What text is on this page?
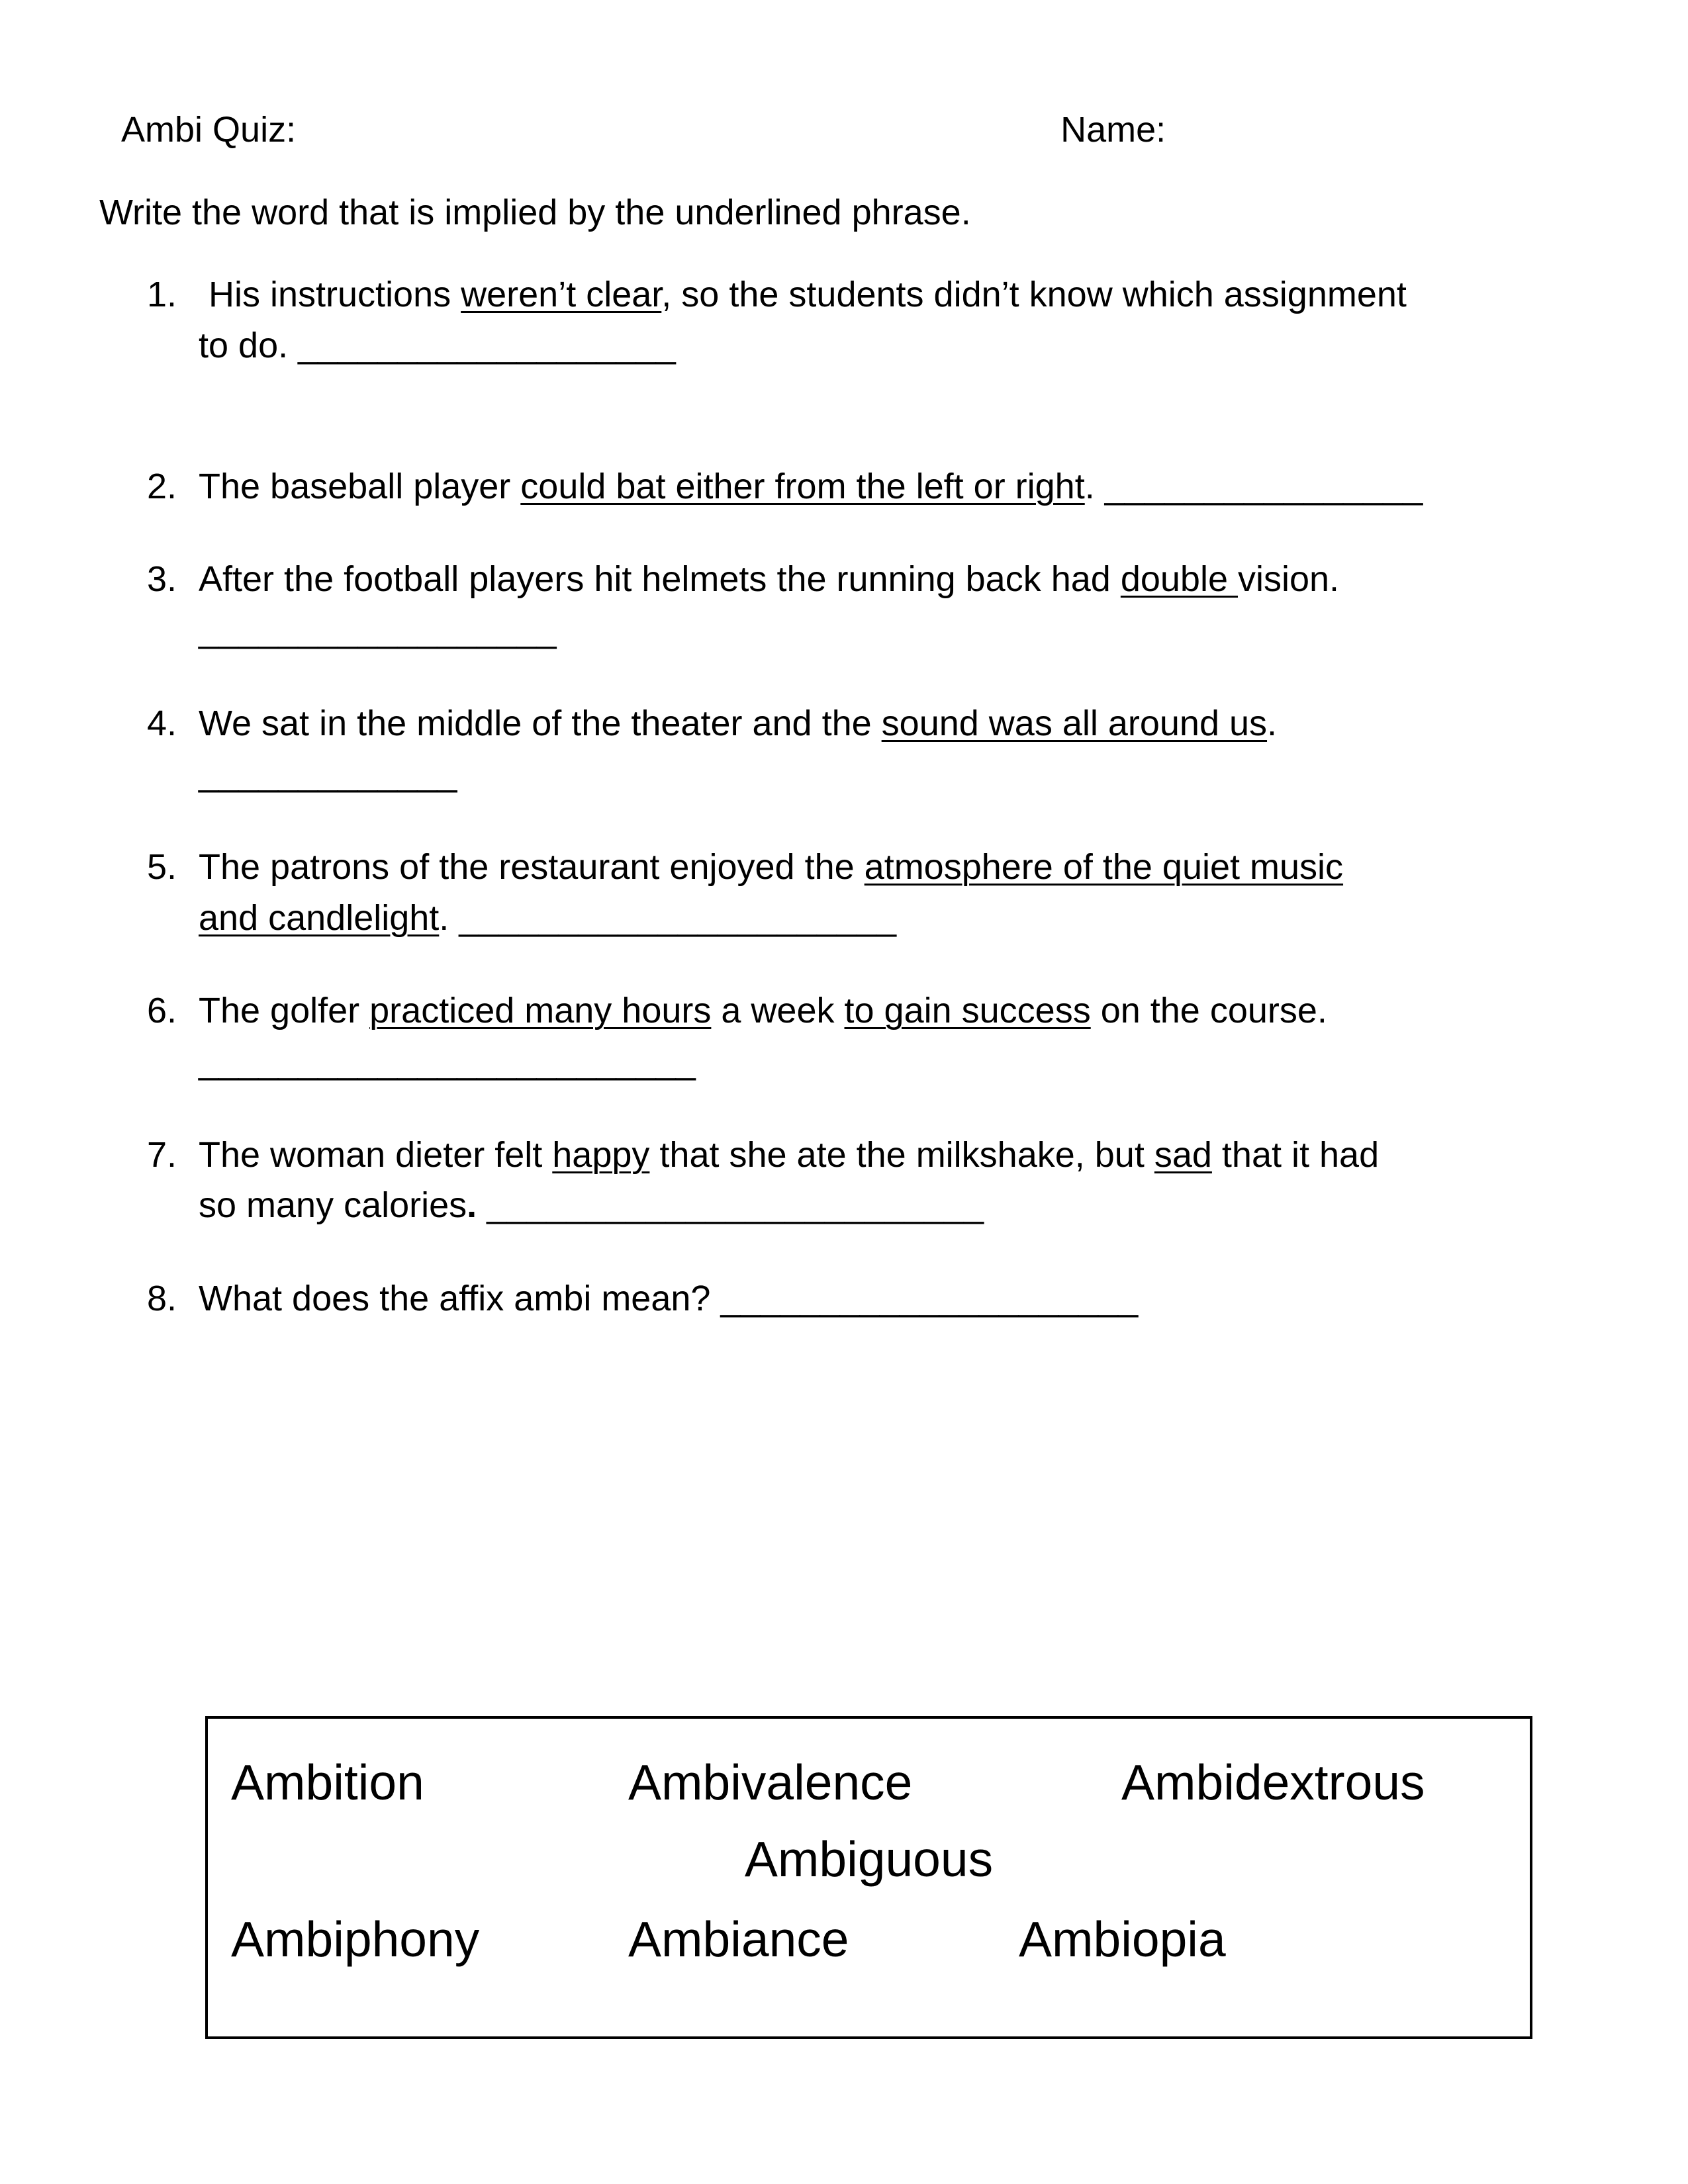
Ambi Quiz:	Name:
Write the word that is implied by the underlined phrase.
1. His instructions weren’t clear, so the students didn’t know which assignment
to do. ___________________
2. The baseball player could bat either from the left or right. ________________
3. After the football players hit helmets the running back had double vision.
__________________
4. We sat in the middle of the theater and the sound was all around us.
_____________
5. The patrons of the restaurant enjoyed the atmosphere of the quiet music
and candlelight. ______________________
6. The golfer practiced many hours a week to gain success on the course.
_________________________
7. The woman dieter felt happy that she ate the milkshake, but sad that it had
so many calories. _________________________
8. What does the affix ambi mean? _____________________
Ambition	Ambivalence	Ambidextrous
Ambiguous
Ambiphony	Ambiance	Ambiopia
